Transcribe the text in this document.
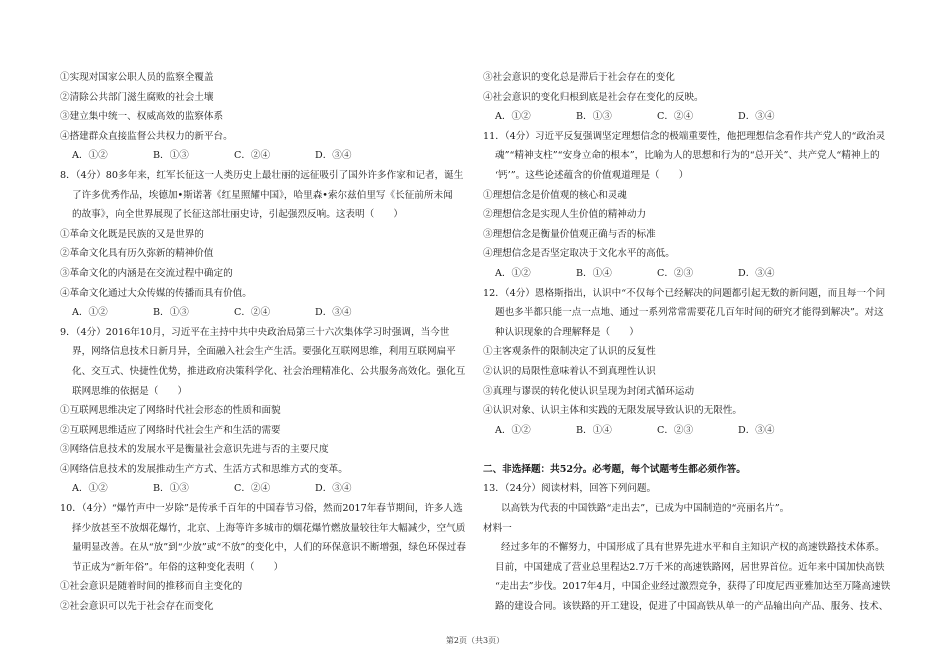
①实现对国家公职人员的监察全覆盖
②清除公共部门滋生腐败的社会土壤
③建立集中统一、权威高效的监察体系
④搭建群众直接监督公共权力的新平台。
A．①②	B．①③	C．②④	D．③④
8．（4分）80多年来，红军长征这一人类历史上最壮丽的远征吸引了国外许多作家和记者，诞生
了许多优秀作品，埃德加•斯诺著《红星照耀中国》，哈里森•索尔兹伯里写《长征​前所未闻
的故事》，向全世界展现了长征这部壮丽史诗，引起强烈反响。这表明（　　）
①革命文化既是民族的又是世界的
②革命文化具有历久弥新的精神价值
③革命文化的内涵是在交流过程中确定的
④革命文化通过大众传媒的传播而具有价值。
A．①②	B．①③	C．②④	D．③④
9．（4分）2016年10月，习近平在主持中共中央政治局第三十六次集体学习时强调，当今世
界，网络信息技术日新月异，全面融入社会生产生活。要强化互联网思维，利用互联网扁平
化、交互式、快捷性优势，推进政府决策科学化、社会治理精准化、公共服务高效化。强化互
联网思维的依据是（　　）
①互联网思维决定了网络时代社会形态的性质和面貌
②互联网思维适应了网络时代社会生产和生活的需要
③网络信息技术的发展水平是衡量社会意识先进与否的主要尺度
④网络信息技术的发展推动生产方式、生活方式和思维方式的变革。
A．①②	B．①③	C．②④	D．③④
10．（4分）“爆竹声中一岁除”是传承千百年的中国春节习俗，然而2017年春节期间，许多人选
择少放甚至不放烟花爆竹，北京、上海等许多城市的烟花爆竹燃放量较往年大幅减少，空气质
量明显改善。在从“放”到“少放”或“不放”的变化中，人们的环保意识不断增强，绿色环保过春
节正成为“新年俗”。年俗的这种变化表明（　　）
①社会意识是随着时间的推移而自主变化的
②社会意识可以先于社会存在而变化
③社会意识的变化总是滞后于社会存在的变化
④社会意识的变化归根到底是社会存在变化的反映。
A．①②	B．①③	C．②④	D．③④
11．（4分）习近平反复强调坚定理想信念的极端重要性，他把理想信念看作共产党人的“政治灵
魂”“精神支柱”“安身立命的根本”，比喻为人的思想和行为的“总开关”、共产党人“精神上的
‘钙’”。这些论述蕴含的价值观道理是（　　）
①理想信念是价值观的核心和灵魂
②理想信念是实现人生价值的精神动力
③理想信念是衡量价值观正确与否的标准
④理想信念是否坚定取决于文化水平的高低。
A．①②	B．①④	C．②③	D．③④
12．（4分）恩格斯指出，认识中“不仅每个已经解决的问题都引起无数的新问题，而且每一个问
题也多半都只能一点一点地、通过一系列常常需要花几百年时间的研究才能得到解决”。对这
种认识现象的合理解释是（　　）
①主客观条件的限制决定了认识的反复性
②认识的局限性意味着认不到真理性认识
③真理与谬误的转化使认识呈现为封闭式循环运动
④认识对象、认识主体和实践的无限发展导致认识的无限性。
A．①②	B．①④	C．②③	D．③④
二、非选择题：共52分。必考题，每个试题考生都必须作答。
13．（24分）阅读材料，回答下列问题。
以高铁为代表的中国铁路“走出去”，已成为中国制造的“亮丽名片”。
材料一
经过多年的不懈努力，中国形成了具有世界先进水平和自主知识产权的高速铁路技术体系。
目前，中国建成了营业总里程达2.7万千米的高速铁路网，居世界首位。近年来中国加快高铁
“走出去”步伐。2017年4月，中国企业经过激烈竞争，获得了印度尼西亚雅加达至万隆高速铁
路的建设合同。该铁路的开工建设，促进了中国高铁从单一的产品输出向产品、服务、技术、
第2页（共3页）
